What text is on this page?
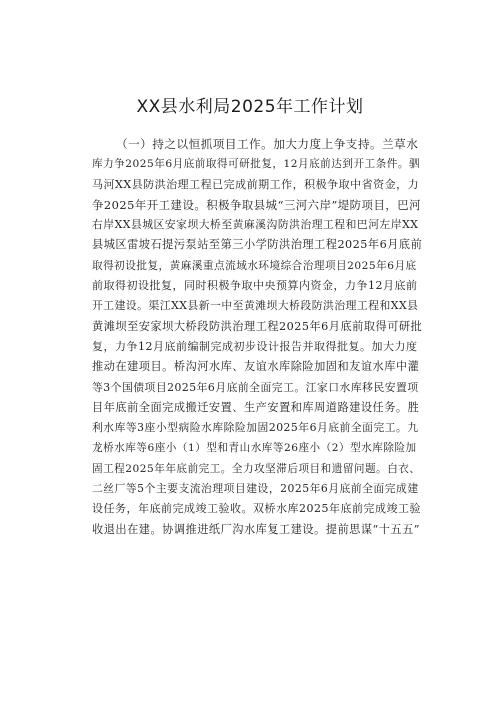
XX县水利局2025年工作计划
（一）持之以恒抓项目工作。加大力度上争支持。兰草水
库力争2025年6月底前取得可研批复，12月底前达到开工条件。驷
马河XX县防洪治理工程已完成前期工作，积极争取中省资金，力
争2025年开工建设。积极争取县城“三河六岸”堤防项目，巴河
右岸XX县城区安家坝大桥至黄麻溪沟防洪治理工程和巴河左岸XX
县城区雷坡石提污泵站至第三小学防洪治理工程2025年6月底前
取得初设批复，黄麻溪重点流域水环境综合治理项目2025年6月底
前取得初设批复，同时积极争取中央预算内资金，力争12月底前
开工建设。渠江XX县新一中至黄滩坝大桥段防洪治理工程和XX县
黄滩坝至安家坝大桥段防洪治理工程2025年6月底前取得可研批
复，力争12月底前编制完成初步设计报告并取得批复。加大力度
推动在建项目。桥沟河水库、友谊水库除险加固和友谊水库中灌
等3个国债项目2025年6月底前全面完工。江家口水库移民安置项
目年底前全面完成搬迁安置、生产安置和库周道路建设任务。胜
利水库等3座小型病险水库除险加固2025年6月底前全面完工。九
龙桥水库等6座小（1）型和青山水库等26座小（2）型水库除险加
固工程2025年年底前完工。全力攻坚滞后项目和遗留问题。白衣、
二丝厂等5个主要支流治理项目建设，2025年6月底前全面完成建
设任务，年底前完成竣工验收。双桥水库2025年底前完成竣工验
收退出在建。协调推进纸厂沟水库复工建设。提前思谋“十五五”
